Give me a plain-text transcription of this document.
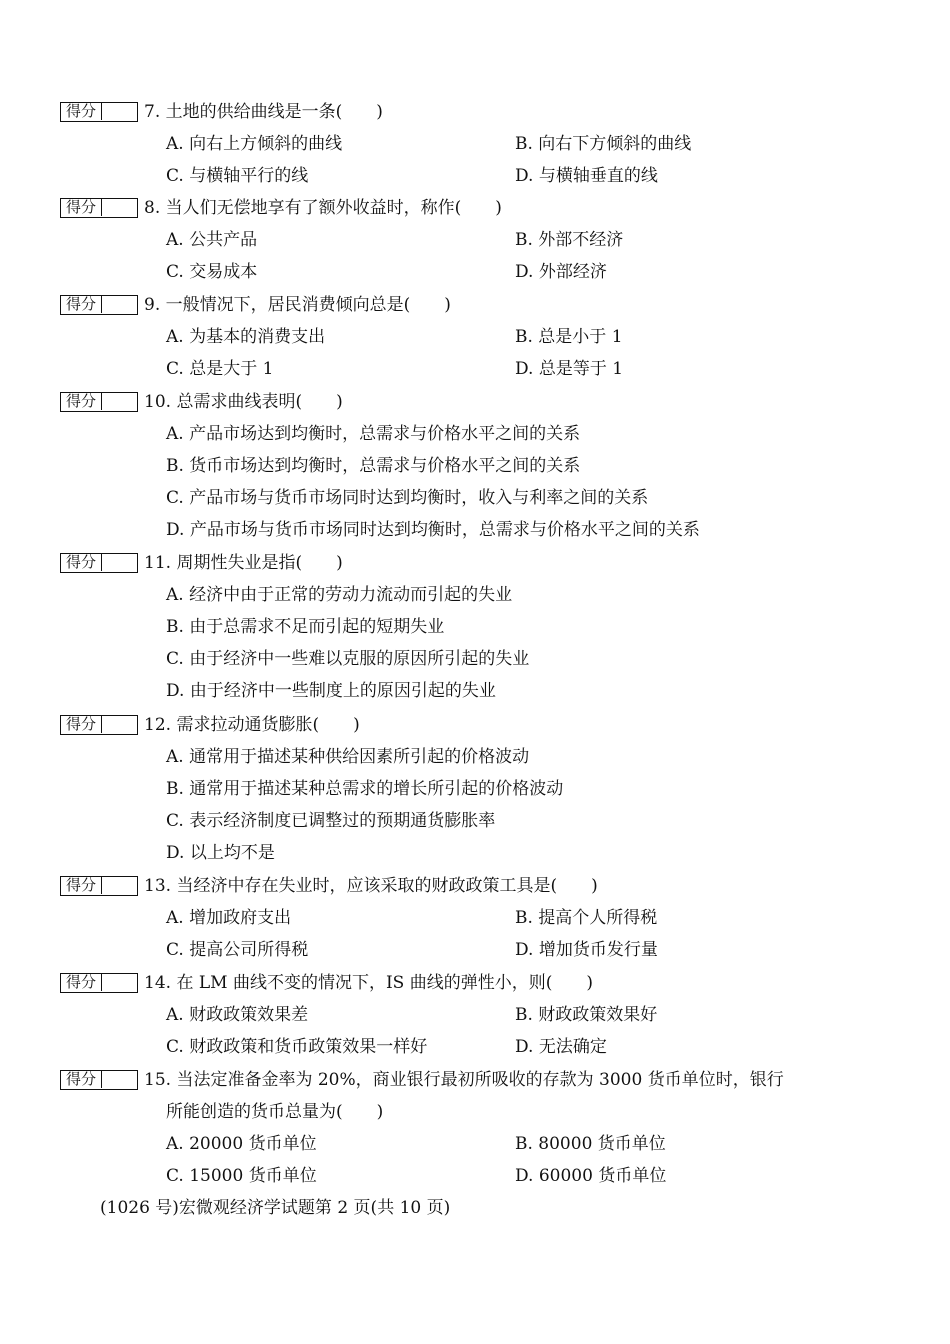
得分	7. 土地的供给曲线是一条(　　)
A. 向右上方倾斜的曲线	B. 向右下方倾斜的曲线
C. 与横轴平行的线	D. 与横轴垂直的线
得分	8. 当人们无偿地享有了额外收益时，称作(　　)
A. 公共产品	B. 外部不经济
C. 交易成本	D. 外部经济
得分	9. 一般情况下，居民消费倾向总是(　　)
A. 为基本的消费支出	B. 总是小于 1
C. 总是大于 1	D. 总是等于 1
得分	10. 总需求曲线表明(　　)
A. 产品市场达到均衡时，总需求与价格水平之间的关系
B. 货币市场达到均衡时，总需求与价格水平之间的关系
C. 产品市场与货币市场同时达到均衡时，收入与利率之间的关系
D. 产品市场与货币市场同时达到均衡时，总需求与价格水平之间的关系
得分	11. 周期性失业是指(　　)
A. 经济中由于正常的劳动力流动而引起的失业
B. 由于总需求不足而引起的短期失业
C. 由于经济中一些难以克服的原因所引起的失业
D. 由于经济中一些制度上的原因引起的失业
得分	12. 需求拉动通货膨胀(　　)
A. 通常用于描述某种供给因素所引起的价格波动
B. 通常用于描述某种总需求的增长所引起的价格波动
C. 表示经济制度已调整过的预期通货膨胀率
D. 以上均不是
得分	13. 当经济中存在失业时，应该采取的财政政策工具是(　　)
A. 增加政府支出	B. 提高个人所得税
C. 提高公司所得税	D. 增加货币发行量
得分	14. 在 LM 曲线不变的情况下，IS 曲线的弹性小，则(　　)
A. 财政政策效果差	B. 财政政策效果好
C. 财政政策和货币政策效果一样好	D. 无法确定
得分	15. 当法定准备金率为 20%，商业银行最初所吸收的存款为 3000 货币单位时，银行
所能创造的货币总量为(　　)
A. 20000 货币单位	B. 80000 货币单位
C. 15000 货币单位	D. 60000 货币单位
(1026 号)宏微观经济学试题第 2 页(共 10 页)
